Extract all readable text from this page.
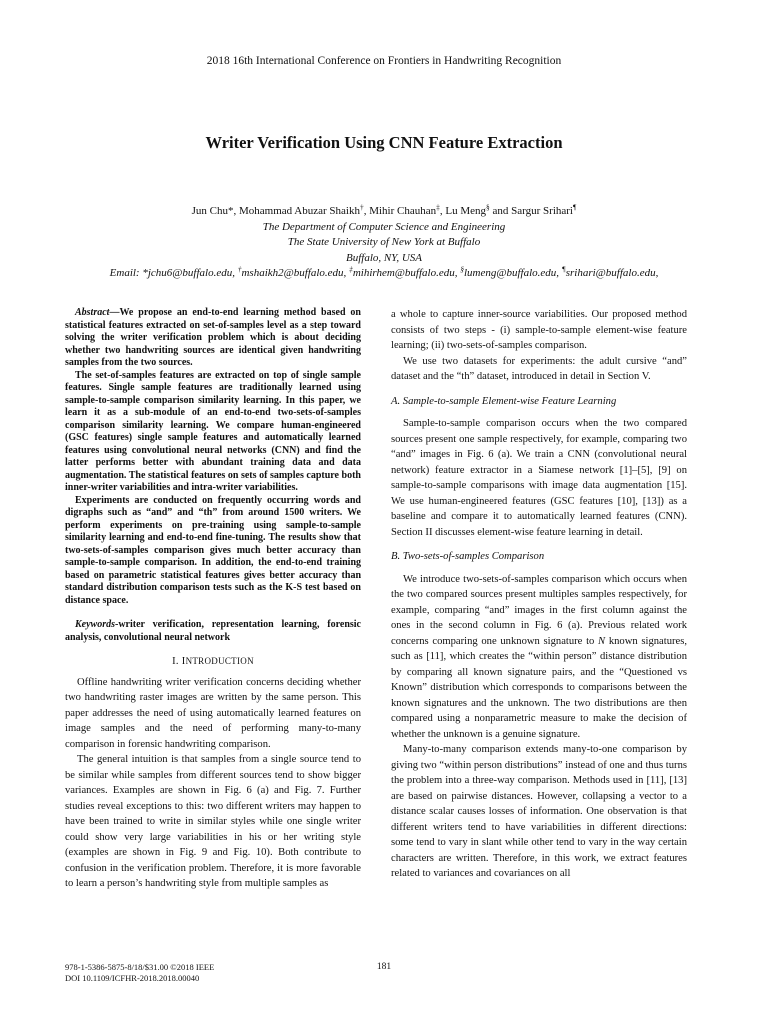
2018 16th International Conference on Frontiers in Handwriting Recognition
Writer Verification Using CNN Feature Extraction
Jun Chu*, Mohammad Abuzar Shaikh†, Mihir Chauhan‡, Lu Meng§ and Sargur Srihari¶
The Department of Computer Science and Engineering
The State University of New York at Buffalo
Buffalo, NY, USA
Email: *jchu6@buffalo.edu, †mshaikh2@buffalo.edu, ‡mihirhem@buffalo.edu, §lumeng@buffalo.edu, ¶srihari@buffalo.edu,

Abstract—We propose an end-to-end learning method based on statistical features extracted on set-of-samples level as a step toward solving the writer verification problem which is about deciding whether two handwriting sources are identical given handwriting samples from the two sources.

The set-of-samples features are extracted on top of single sample features. Single sample features are traditionally learned using sample-to-sample comparison similarity learning. In this paper, we learn it as a sub-module of an end-to-end two-sets-of-samples comparison similarity learning. We compare human-engineered (GSC features) single sample features and automatically learned features using convolutional neural networks (CNN) and find the latter performs better with abundant training data and data augmentation. The statistical features on sets of samples capture both inner-writer variabilities and intra-writer variabilities.

Experiments are conducted on frequently occurring words and digraphs such as “and” and “th” from around 1500 writers. We perform experiments on pre-training using sample-to-sample similarity learning and end-to-end fine-tuning. The results show that two-sets-of-samples comparison gives much better accuracy than sample-to-sample comparison. In addition, the end-to-end training based on parametric statistical features gives better accuracy than standard distribution comparison tests such as the K-S test based on distance space.

Keywords-writer verification, representation learning, forensic analysis, convolutional neural network
I. INTRODUCTION

Offline handwriting writer verification concerns deciding whether two handwriting raster images are written by the same person. This paper addresses the need of using automatically learned features on image samples and the need of performing many-to-many comparison in forensic handwriting comparison.

The general intuition is that samples from a single source tend to be similar while samples from different sources tend to show bigger variances. Examples are shown in Fig. 6 (a) and Fig. 7. Further studies reveal exceptions to this: two different writers may happen to have been trained to write in similar styles while one single writer could show very large variabilities in his or her writing style (examples are shown in Fig. 9 and Fig. 10). Both contribute to confusion in the verification problem. Therefore, it is more favorable to learn a person’s handwriting style from multiple samples as

a whole to capture inner-source variabilities. Our proposed method consists of two steps - (i) sample-to-sample element-wise feature learning; (ii) two-sets-of-samples comparison.

We use two datasets for experiments: the adult cursive “and” dataset and the “th” dataset, introduced in detail in Section V.

A. Sample-to-sample Element-wise Feature Learning

Sample-to-sample comparison occurs when the two compared sources present one sample respectively, for example, comparing two “and” images in Fig. 6 (a). We train a CNN (convolutional neural network) feature extractor in a Siamese network [1]–[5], [9] on sample-to-sample comparisons with image data augmentation [15]. We use human-engineered features (GSC features [10], [13]) as a baseline and compare it to automatically learned features (CNN). Section II discusses element-wise feature learning in detail.

B. Two-sets-of-samples Comparison

We introduce two-sets-of-samples comparison which occurs when the two compared sources present multiples samples respectively, for example, comparing “and” images in the first column against the ones in the second column in Fig. 6 (a). Previous related work concerns comparing one unknown signature to N known signatures, such as [11], which creates the “within person” distance distribution by comparing all known signature pairs, and the “Questioned vs Known” distribution which corresponds to comparisons between the known signatures and the unknown. The two distributions are then compared using a nonparametric measure to make the decision of whether the unknown is a genuine signature.

Many-to-many comparison extends many-to-one comparison by giving two “within person distributions” instead of one and thus turns the problem into a three-way comparison. Methods used in [11], [13] are based on pairwise distances. However, collapsing a vector to a distance scalar causes losses of information. One observation is that different writers tend to have variabilities in different directions: some tend to vary in slant while other tend to vary in the way certain characters are written. Therefore, in this work, we extract features related to variances and covariances on all

978-1-5386-5875-8/18/$31.00 ©2018 IEEE
DOI 10.1109/ICFHR-2018.2018.00040
181
